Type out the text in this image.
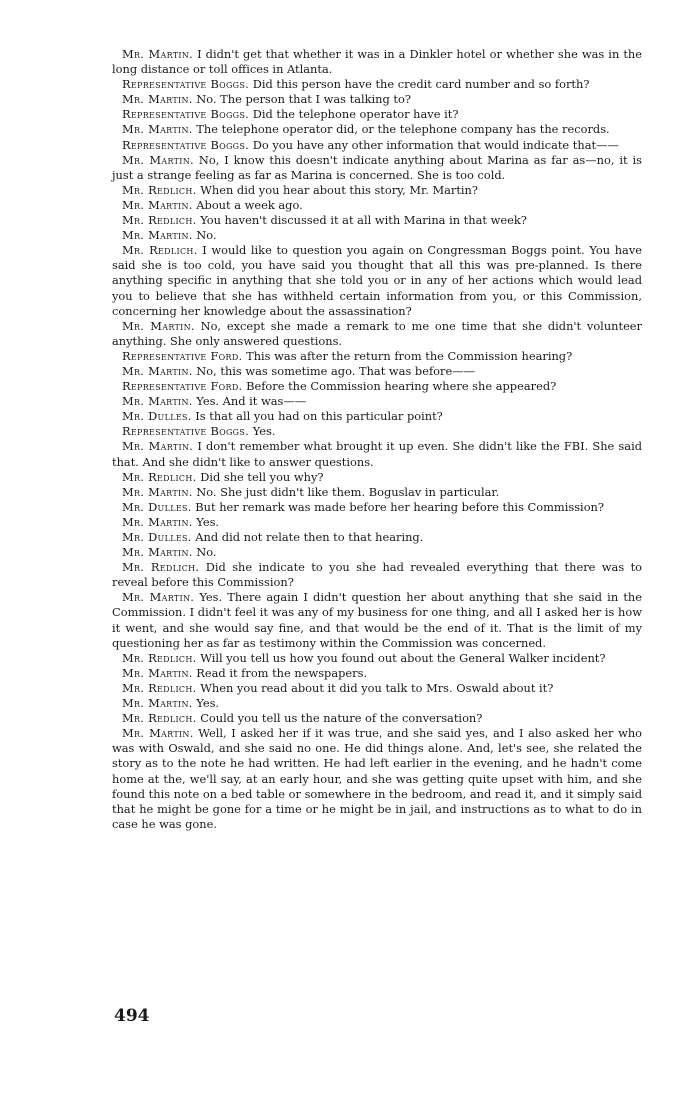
Mr. Martin. I didn't get that whether it was in a Dinkler hotel or whether she was in the long distance or toll offices in Atlanta.

Representative Boggs. Did this person have the credit card number and so forth?

Mr. Martin. No. The person that I was talking to?

Representative Boggs. Did the telephone operator have it?

Mr. Martin. The telephone operator did, or the telephone company has the records.

Representative Boggs. Do you have any other information that would indicate that——

Mr. Martin. No, I know this doesn't indicate anything about Marina as far as—no, it is just a strange feeling as far as Marina is concerned. She is too cold.

Mr. Redlich. When did you hear about this story, Mr. Martin?

Mr. Martin. About a week ago.

Mr. Redlich. You haven't discussed it at all with Marina in that week?

Mr. Martin. No.

Mr. Redlich. I would like to question you again on Congressman Boggs point. You have said she is too cold, you have said you thought that all this was pre-planned. Is there anything specific in anything that she told you or in any of her actions which would lead you to believe that she has withheld certain information from you, or this Commission, concerning her knowledge about the assassination?

Mr. Martin. No, except she made a remark to me one time that she didn't volunteer anything. She only answered questions.

Representative Ford. This was after the return from the Commission hearing?

Mr. Martin. No, this was sometime ago. That was before——

Representative Ford. Before the Commission hearing where she appeared?

Mr. Martin. Yes. And it was——

Mr. Dulles. Is that all you had on this particular point?

Representative Boggs. Yes.

Mr. Martin. I don't remember what brought it up even. She didn't like the FBI. She said that. And she didn't like to answer questions.

Mr. Redlich. Did she tell you why?

Mr. Martin. No. She just didn't like them. Boguslav in particular.

Mr. Dulles. But her remark was made before her hearing before this Commission?

Mr. Martin. Yes.

Mr. Dulles. And did not relate then to that hearing.

Mr. Martin. No.

Mr. Redlich. Did she indicate to you she had revealed everything that there was to reveal before this Commission?

Mr. Martin. Yes. There again I didn't question her about anything that she said in the Commission. I didn't feel it was any of my business for one thing, and all I asked her is how it went, and she would say fine, and that would be the end of it. That is the limit of my questioning her as far as testimony within the Commission was concerned.

Mr. Redlich. Will you tell us how you found out about the General Walker incident?

Mr. Martin. Read it from the newspapers.

Mr. Redlich. When you read about it did you talk to Mrs. Oswald about it?

Mr. Martin. Yes.

Mr. Redlich. Could you tell us the nature of the conversation?

Mr. Martin. Well, I asked her if it was true, and she said yes, and I also asked her who was with Oswald, and she said no one. He did things alone. And, let's see, she related the story as to the note he had written. He had left earlier in the evening, and he hadn't come home at the, we'll say, at an early hour, and she was getting quite upset with him, and she found this note on a bed table or somewhere in the bedroom, and read it, and it simply said that he might be gone for a time or he might be in jail, and instructions as to what to do in case he was gone.

494
